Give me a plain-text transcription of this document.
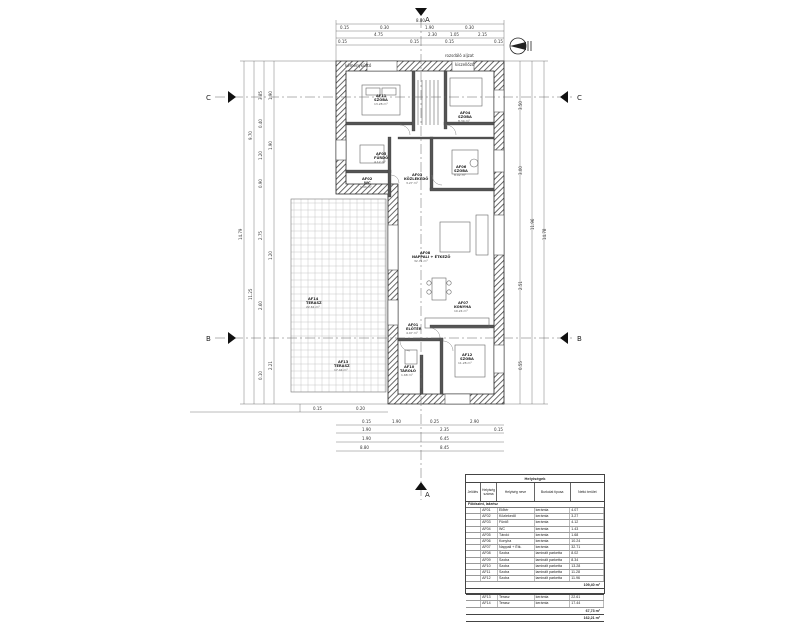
C	C
B	B
A
A
8.80
0.15	0.30	1.90	0.30
4.75	2.30	1.05	2.15
0.15	0.15	0.15	0.15
14.79
11.25
9.70
3.85
0.40
1.20
0.90
2.75
2.60
0.10
1.90
1.90
1.20
2.21
14.78
11.96
3.50
3.00
2.51
0.55
0.15	0.20
0.15	1.90	0.25	2.90
1.90	2.35	0.15
1.90	6.45
8.80	8.45
rozsdáló aljzat
kiszellőző
kéménykürtő
AF11
SZOBA
13.28 m²
AF04
SZOBA
8.34 m²
AF05
FÜRDŐ
4.12 m²
AF06
SZOBA
8.02 m²
AF02
WC
1.43 m²
AF03
KÖZLEKEDŐ
3.27 m²
AF08
NAPPALI + ÉTKEZŐ
32.71 m²
AF14
TERASZ
22.61 m²
AF07
KONYHA
10.24 m²
AF01
ELŐTÉR
4.07 m²
AF13
TERASZ
17.44 m²
AF10
TÁROLÓ
1.68 m²
AF12
SZOBA
11.28 m²
Helyiségek
Jelölés	Helyiség száma	Helyiség neve	Burkolat típusa	Nettó terület
Földszint, lakrész
AF01	Előtér	kerámia	4.07
AF02	Közlekedő	kerámia	3.27
AF03	Fürdő	kerámia	4.12
AF04	WC	kerámia	1.43
AF05	Tároló	kerámia	1.68
AF06	Konyha	kerámia	10.24
AF07	Nappali + Étk.	kerámia	32.71
AF08	Szoba	laminált parketta	8.02
AF09	Szoba	laminált parketta	8.34
AF10	Szoba	laminált parketta	13.28
AF11	Szoba	laminált parketta	11.28
AF12	Szoba	laminált parketta	11.96
109,40 m²
AF13	Terasz	kerámia	22.61
AF14	Terasz	kerámia	17.44
67,73 m²
162,21 m²
